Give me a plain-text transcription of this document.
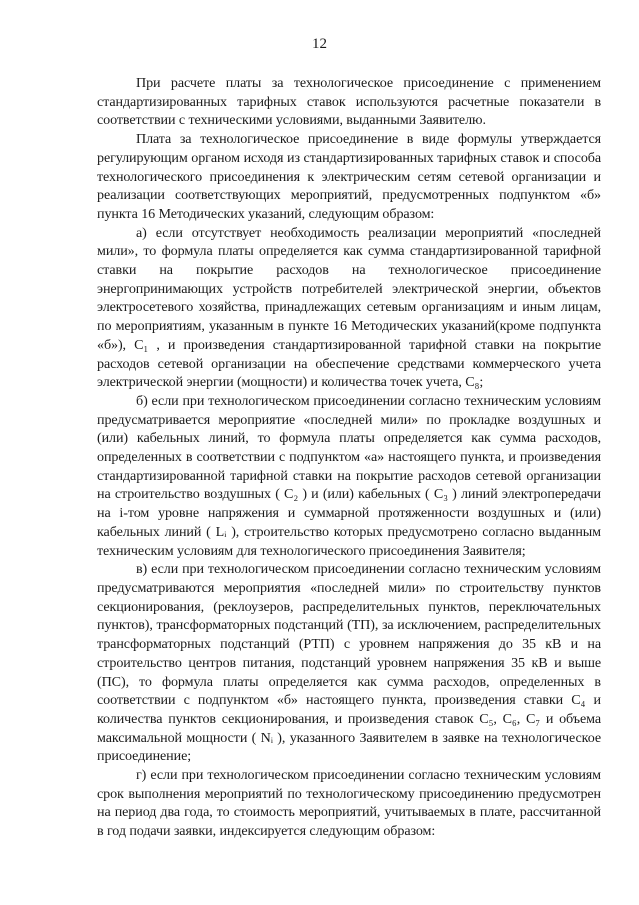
12

При расчете платы за технологическое присоединение с применением стандартизированных тарифных ставок используются расчетные показатели в соответствии с техническими условиями, выданными Заявителю.

Плата за технологическое присоединение в виде формулы утверждается регулирующим органом исходя из стандартизированных тарифных ставок и способа технологического присоединения к электрическим сетям сетевой организации и реализации соответствующих мероприятий, предусмотренных подпунктом «б» пункта 16 Методических указаний, следующим образом:

а) если отсутствует необходимость реализации мероприятий «последней мили», то формула платы определяется как сумма стандартизированной тарифной ставки на покрытие расходов на технологическое присоединение энергопринимающих устройств потребителей электрической энергии, объектов электросетевого хозяйства, принадлежащих сетевым организациям и иным лицам, по мероприятиям, указанным в пункте 16 Методических указаний(кроме подпункта «б»), C₁ , и произведения стандартизированной тарифной ставки на покрытие расходов сетевой организации на обеспечение средствами коммерческого учета электрической энергии (мощности) и количества точек учета, C₈;

б) если при технологическом присоединении согласно техническим условиям предусматривается мероприятие «последней мили» по прокладке воздушных и (или) кабельных линий, то формула платы определяется как сумма расходов, определенных в соответствии с подпунктом «а» настоящего пункта, и произведения стандартизированной тарифной ставки на покрытие расходов сетевой организации на строительство воздушных ( C₂ ) и (или) кабельных ( C₃ ) линий электропередачи на i-том уровне напряжения и суммарной протяженности воздушных и (или) кабельных линий ( Lᵢ ), строительство которых предусмотрено согласно выданным техническим условиям для технологического присоединения Заявителя;

в) если при технологическом присоединении согласно техническим условиям предусматриваются мероприятия «последней мили» по строительству пунктов секционирования, (реклоузеров, распределительных пунктов, переключательных пунктов), трансформаторных подстанций (ТП), за исключением, распределительных трансформаторных подстанций (РТП) с уровнем напряжения до 35 кВ и на строительство центров питания, подстанций уровнем напряжения 35 кВ и выше (ПС), то формула платы определяется как сумма расходов, определенных в соответствии с подпунктом «б» настоящего пункта, произведения ставки C₄ и количества пунктов секционирования, и произведения ставок C₅, C₆, C₇ и объема максимальной мощности ( Nᵢ ), указанного Заявителем в заявке на технологическое присоединение;

г) если при технологическом присоединении согласно техническим условиям срок выполнения мероприятий по технологическому присоединению предусмотрен на период два года, то стоимость мероприятий, учитываемых в плате, рассчитанной в год подачи заявки, индексируется следующим образом:
